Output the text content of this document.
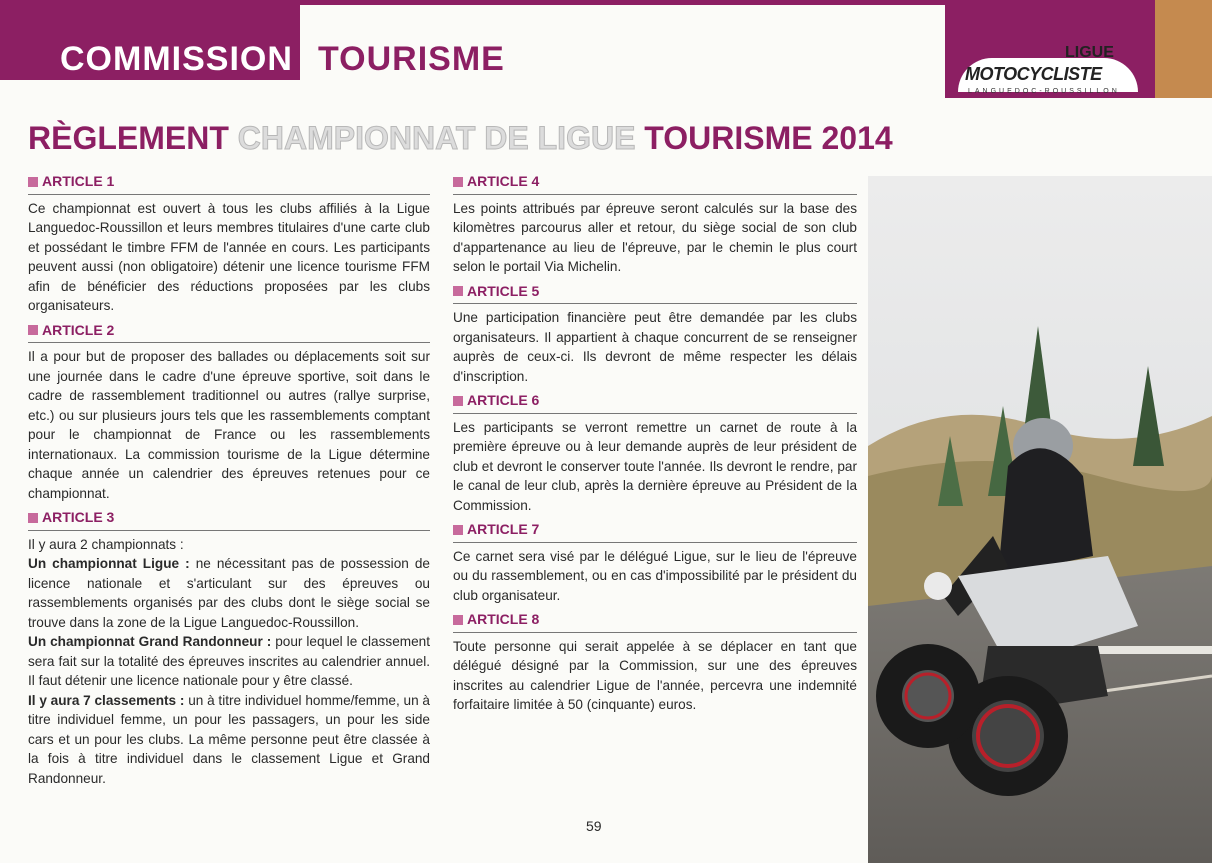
COMMISSION TOURISME	LIGUE
MOTOCYCLISTE
LANGUEDOC-ROUSSILLON
RÈGLEMENT CHAMPIONNAT DE LIGUE TOURISME 2014
ARTICLE 1

Ce championnat est ouvert à tous les clubs affiliés à la Ligue Languedoc-Roussillon et leurs membres titulaires d'une carte club et possédant le timbre FFM de l'année en cours. Les participants peuvent aussi (non obligatoire) détenir une licence tourisme FFM afin de bénéficier des réductions proposées par les clubs organisateurs.

ARTICLE 2

Il a pour but de proposer des ballades ou déplacements soit sur une journée dans le cadre d'une épreuve sportive, soit dans le cadre de rassemblement traditionnel ou autres (rallye surprise, etc.) ou sur plusieurs jours tels que les rassemblements comptant pour le championnat de France ou les rassemblements internationaux. La commission tourisme de la Ligue détermine chaque année un calendrier des épreuves retenues pour ce championnat.

ARTICLE 3

Il y aura 2 championnats :

Un championnat Ligue : ne nécessitant pas de possession de licence nationale et s'articulant sur des épreuves ou rassemblements organisés par des clubs dont le siège social se trouve dans la zone de la Ligue Languedoc-Roussillon.

Un championnat Grand Randonneur : pour lequel le classement sera fait sur la totalité des épreuves inscrites au calendrier annuel. Il faut détenir une licence nationale pour y être classé.

Il y aura 7 classements : un à titre individuel homme/femme, un à titre individuel femme, un pour les passagers, un pour les side cars et un pour les clubs. La même personne peut être classée à la fois à titre individuel dans le classement Ligue et Grand Randonneur.

ARTICLE 4

Les points attribués par épreuve seront calculés sur la base des kilomètres parcourus aller et retour, du siège social de son club d'appartenance au lieu de l'épreuve, par le chemin le plus court selon le portail Via Michelin.

ARTICLE 5

Une participation financière peut être demandée par les clubs organisateurs. Il appartient à chaque concurrent de se renseigner auprès de ceux-ci. Ils devront de même respecter les délais d'inscription.

ARTICLE 6

Les participants se verront remettre un carnet de route à la première épreuve ou à leur demande auprès de leur président de club et devront le conserver toute l'année. Ils devront le rendre, par le canal de leur club, après la dernière épreuve au Président de la Commission.

ARTICLE 7

Ce carnet sera visé par le délégué Ligue, sur le lieu de l'épreuve ou du rassemblement, ou en cas d'impossibilité par le président du club organisateur.

ARTICLE 8

Toute personne qui serait appelée à se déplacer en tant que délégué désigné par la Commission, sur une des épreuves inscrites au calendrier Ligue de l'année, percevra une indemnité forfaitaire limitée à 50 (cinquante) euros.

59
